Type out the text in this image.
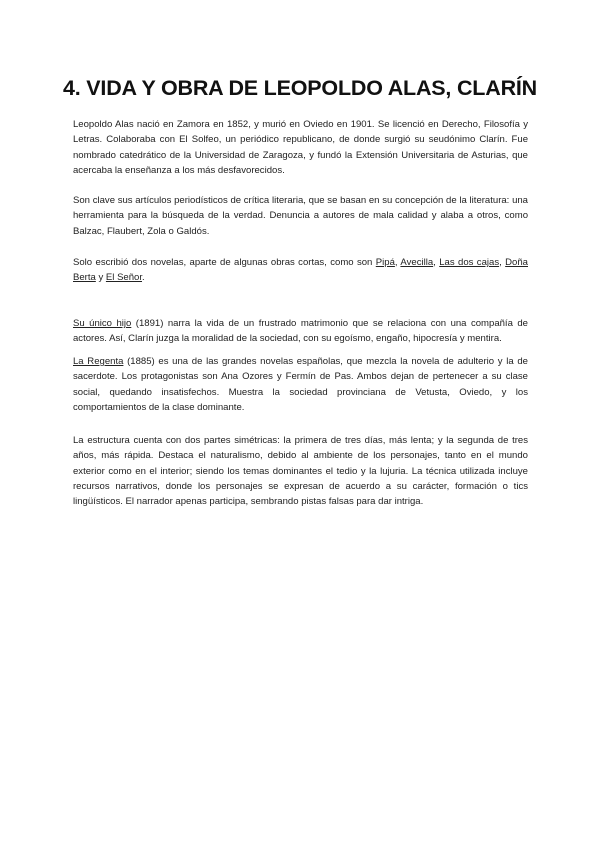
4. VIDA Y OBRA DE LEOPOLDO ALAS, CLARÍN

Leopoldo Alas nació en Zamora en 1852, y murió en Oviedo en 1901. Se licenció en Derecho, Filosofía y Letras. Colaboraba con El Solfeo, un periódico republicano, de donde surgió su seudónimo Clarín. Fue nombrado catedrático de la Universidad de Zaragoza, y fundó la Extensión Universitaria de Asturias, que acercaba la enseñanza a los más desfavorecidos.

Son clave sus artículos periodísticos de crítica literaria, que se basan en su concepción de la literatura: una herramienta para la búsqueda de la verdad. Denuncia a autores de mala calidad y alaba a otros, como Balzac, Flaubert, Zola o Galdós.

Solo escribió dos novelas, aparte de algunas obras cortas, como son Pipá, Avecilla, Las dos cajas, Doña Berta y El Señor.

Su único hijo (1891) narra la vida de un frustrado matrimonio que se relaciona con una compañía de actores. Así, Clarín juzga la moralidad de la sociedad, con su egoísmo, engaño, hipocresía y mentira.

La Regenta (1885) es una de las grandes novelas españolas, que mezcla la novela de adulterio y la de sacerdote. Los protagonistas son Ana Ozores y Fermín de Pas. Ambos dejan de pertenecer a su clase social, quedando insatisfechos. Muestra la sociedad provinciana de Vetusta, Oviedo, y los comportamientos de la clase dominante.

La estructura cuenta con dos partes simétricas: la primera de tres días, más lenta; y la segunda de tres años, más rápida. Destaca el naturalismo, debido al ambiente de los personajes, tanto en el mundo exterior como en el interior; siendo los temas dominantes el tedio y la lujuria. La técnica utilizada incluye recursos narrativos, donde los personajes se expresan de acuerdo a su carácter, formación o tics lingüísticos. El narrador apenas participa, sembrando pistas falsas para dar intriga.
